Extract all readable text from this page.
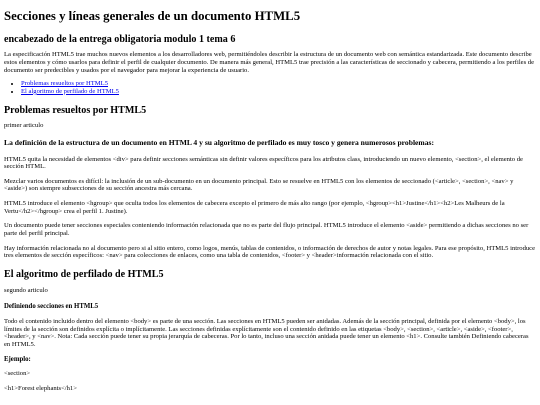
Secciones y líneas generales de un documento HTML5
encabezado de la entrega obligatoria modulo 1 tema 6

La especificación HTML5 trae muchos nuevos elementos a los desarrolladores web, permitiéndoles describir la estructura de un documento web con semántica estandarizada. Este documento describe estos elementos y cómo usarlos para definir el perfil de cualquier documento. De manera más general, HTML5 trae precisión a las características de seccionado y cabecera, permitiendo a los perfiles de documento ser predecibles y usados por el navegador para mejorar la experiencia de usuario.

• Problemas resueltos por HTML5
• El algoritmo de perfilado de HTML5
Problemas resueltos por HTML5

primer articulo

La definición de la estructura de un documento en HTML 4 y su algoritmo de perfilado es muy tosco y genera numerosos problemas:

HTML5 quita la necesidad de elementos <div> para definir secciones semánticas sin definir valores específicos para los atributos class, introduciendo un nuevo elemento, <section>, el elemento de sección HTML.

Mezclar varios documentos es difícil: la inclusión de un sub-documento en un documento principal. Esto se resuelve en HTML5 con los elementos de seccionado (<article>, <section>, <nav> y <aside>) son siempre subsecciones de su sección ancestra más cercana.

HTML5 introduce el elemento <hgroup> que oculta todos los elementos de cabecera excepto el primero de más alto rango (por ejemplo, <hgroup><h1>Justine</h1><h2>Les Malheurs de la Vertu</h2></hgroup> crea el perfil 1. Justine).

Un documento puede tener secciones especiales conteniendo información relacionada que no es parte del flujo principal. HTML5 introduce el elemento <aside> permitiendo a dichas secciones no ser parte del perfil principal.

Hay información relacionada no al documento pero si al sitio entero, como logos, menús, tablas de contenidos, o información de derechos de autor y notas legales. Para ese propósito, HTML5 introduce tres elementos de sección específicos: <nav> para colecciones de enlaces, como una tabla de contenidos, <footer> y <header>información relacionada con el sitio.

El algoritmo de perfilado de HTML5

segundo articulo

Definiendo secciones en HTML5

Todo el contenido incluido dentro del elemento <body> es parte de una sección. Las secciones en HTML5 pueden ser anidadas. Además de la sección principal, definida por el elemento <body>, los límites de la sección son definidos explícita o implícitamente. Las secciones definidas explícitamente son el contenido definido en las etiquetas <body>, <section>, <article>, <aside>, <footer>, <header>, y <nav>. Nota: Cada sección puede tener su propia jerarquía de cabeceras. Por lo tanto, incluso una sección anidada puede tener un elemento <h1>. Consulte también Definiendo cabeceras en HTML5.

Ejemplo:

<section>

<h1>Forest elephants</h1>
